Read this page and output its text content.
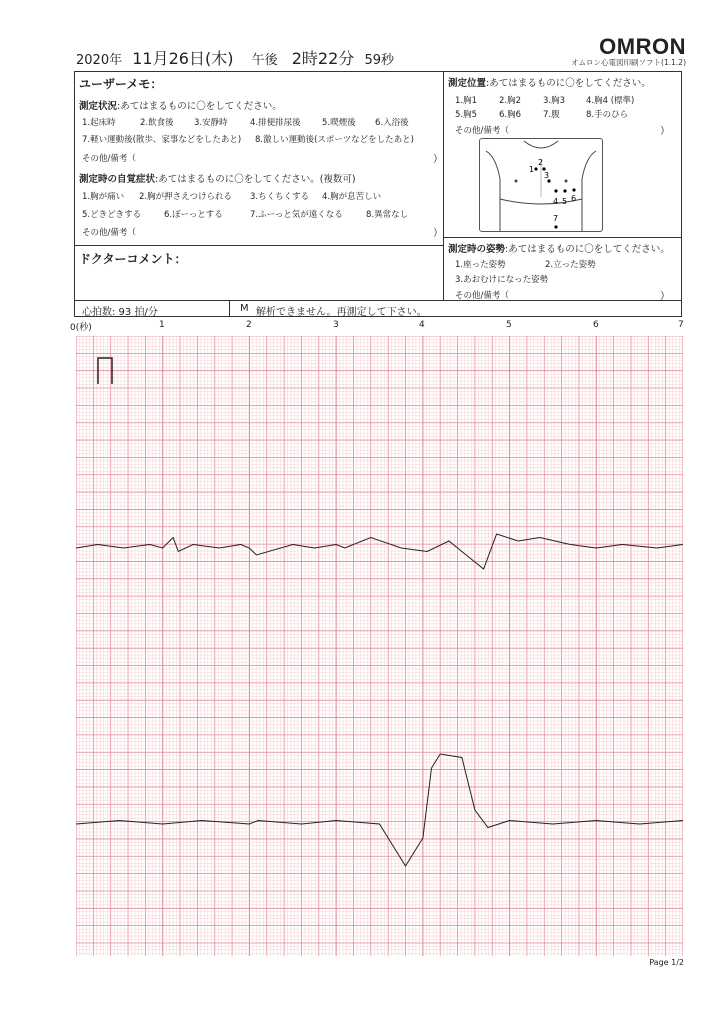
2020年 11月26日(木) 午後 2時22分 59秒
OMRON
オムロン心電図印刷ソフト(1.1.2)
ユーザーメモ：
測定状況:あてはまるものに〇をしてください。
1.起床時	2.飲食後 3.安静時	4.排便排尿後	5.喫煙後 6.入浴後
7.軽い運動後(散歩、家事などをしたあと) 8.激しい運動後(スポーツなどをしたあと)
その他/備考（	）
測定時の自覚症状:あてはまるものに〇をしてください。(複数可)
1.胸が痛い 2.胸が押さえつけられる 3.ちくちくする 4.胸が息苦しい
5.どきどきする	6.ぼーっとする	7.ふーっと気が遠くなる	8.異常なし
その他/備考（	）
ドクターコメント：
測定位置:あてはまるものに〇をしてください。
1.胸1	2.胸2	3.胸3 4.胸4 (標準)
5.胸5	6.胸6	7.腹	8.手のひら
その他/備考（	）
1
2
3
4 5 6
7
測定時の姿勢:あてはまるものに〇をしてください。
1.座った姿勢	2.立った姿勢
3.あおむけになった姿勢
その他/備考（	）
心拍数: 93 拍/分	M 解析できません。再測定して下さい。
0(秒)	1	2	3	4	5	6	7
Page 1/2
